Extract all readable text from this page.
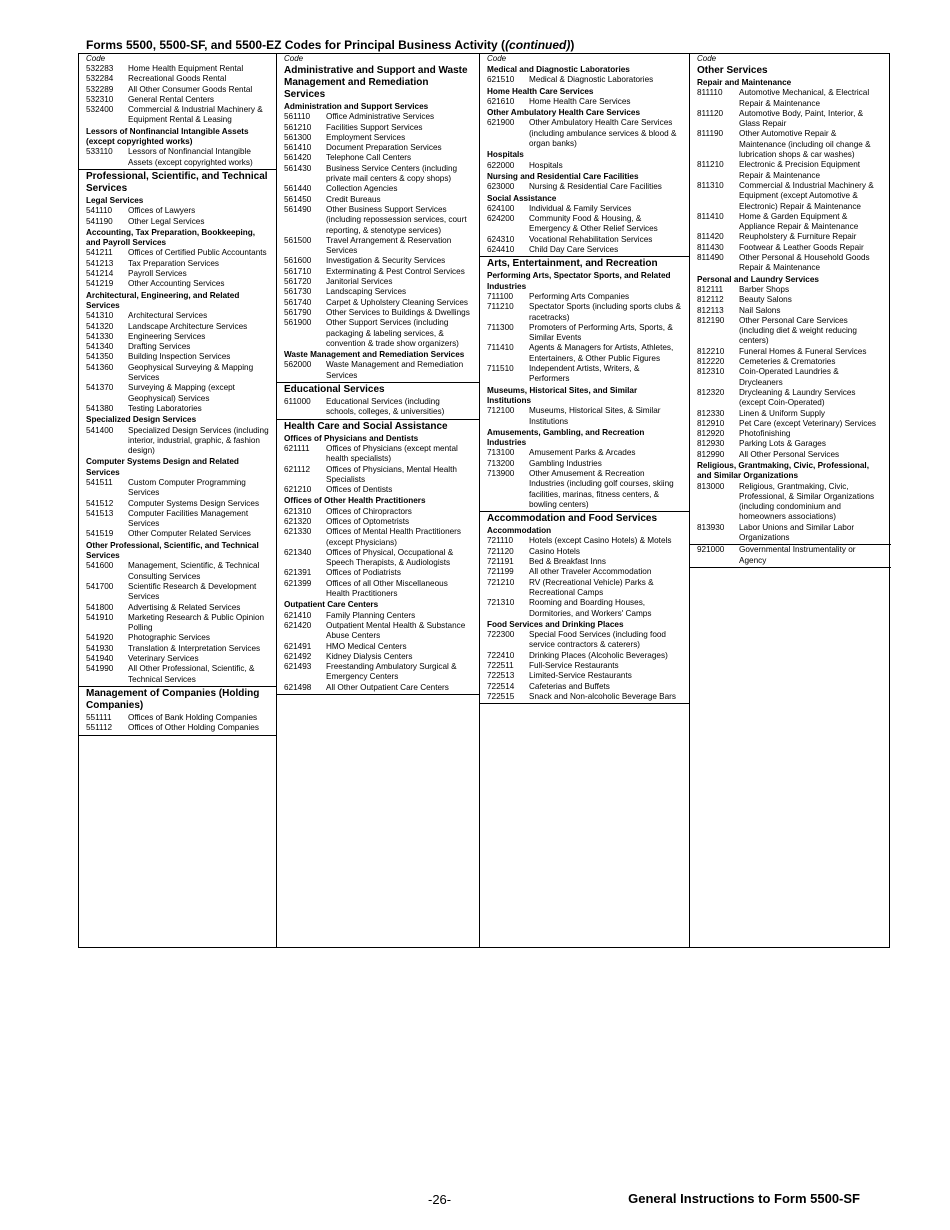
Forms 5500, 5500-SF, and 5500-EZ Codes for Principal Business Activity ((continued))
Code
532283	Home Health Equipment Rental
532284	Recreational Goods Rental
532289	All Other Consumer Goods Rental
532310	General Rental Centers
532400	Commercial & Industrial Machinery & Equipment Rental & Leasing
Lessors of Nonfinancial Intangible Assets (except copyrighted works)
533110	Lessors of Nonfinancial Intangible Assets (except copyrighted works)
Professional, Scientific, and Technical Services
Legal Services
541110	Offices of Lawyers
541190	Other Legal Services
Accounting, Tax Preparation, Bookkeeping, and Payroll Services
541211	Offices of Certified Public Accountants
541213	Tax Preparation Services
541214	Payroll Services
541219	Other Accounting Services
Architectural, Engineering, and Related Services
541310	Architectural Services
541320	Landscape Architecture Services
541330	Engineering Services
541340	Drafting Services
541350	Building Inspection Services
541360	Geophysical Surveying & Mapping Services
541370	Surveying & Mapping (except Geophysical) Services
541380	Testing Laboratories
Specialized Design Services
541400	Specialized Design Services (including interior, industrial, graphic, & fashion design)
Computer Systems Design and Related Services
541511	Custom Computer Programming Services
541512	Computer Systems Design Services
541513	Computer Facilities Management Services
541519	Other Computer Related Services
Other Professional, Scientific, and Technical Services
541600	Management, Scientific, & Technical Consulting Services
541700	Scientific Research & Development Services
541800	Advertising & Related Services
541910	Marketing Research & Public Opinion Polling
541920	Photographic Services
541930	Translation & Interpretation Services
541940	Veterinary Services
541990	All Other Professional, Scientific, & Technical Services
Management of Companies (Holding Companies)
551111	Offices of Bank Holding Companies
551112	Offices of Other Holding Companies
Code
Administrative and Support and Waste Management and Remediation Services
Administration and Support Services
561110	Office Administrative Services
561210	Facilities Support Services
561300	Employment Services
561410	Document Preparation Services
561420	Telephone Call Centers
561430	Business Service Centers (including private mail centers & copy shops)
561440	Collection Agencies
561450	Credit Bureaus
561490	Other Business Support Services (including repossession services, court reporting, & stenotype services)
561500	Travel Arrangement & Reservation Services
561600	Investigation & Security Services
561710	Exterminating & Pest Control Services
561720	Janitorial Services
561730	Landscaping Services
561740	Carpet & Upholstery Cleaning Services
561790	Other Services to Buildings & Dwellings
561900	Other Support Services (including packaging & labeling services, & convention & trade show organizers)
Waste Management and Remediation Services
562000	Waste Management and Remediation Services
Educational Services
611000	Educational Services (including schools, colleges, & universities)
Health Care and Social Assistance
Offices of Physicians and Dentists
621111	Offices of Physicians (except mental health specialists)
621112	Offices of Physicians, Mental Health Specialists
621210	Offices of Dentists
Offices of Other Health Practitioners
621310	Offices of Chiropractors
621320	Offices of Optometrists
621330	Offices of Mental Health Practitioners (except Physicians)
621340	Offices of Physical, Occupational & Speech Therapists, & Audiologists
621391	Offices of Podiatrists
621399	Offices of all Other Miscellaneous Health Practitioners
Outpatient Care Centers
621410	Family Planning Centers
621420	Outpatient Mental Health & Substance Abuse Centers
621491	HMO Medical Centers
621492	Kidney Dialysis Centers
621493	Freestanding Ambulatory Surgical & Emergency Centers
621498	All Other Outpatient Care Centers
Code
Medical and Diagnostic Laboratories
621510	Medical & Diagnostic Laboratories
Home Health Care Services
621610	Home Health Care Services
Other Ambulatory Health Care Services
621900	Other Ambulatory Health Care Services (including ambulance services & blood & organ banks)
Hospitals
622000	Hospitals
Nursing and Residential Care Facilities
623000	Nursing & Residential Care Facilities
Social Assistance
624100	Individual & Family Services
624200	Community Food & Housing, & Emergency & Other Relief Services
624310	Vocational Rehabilitation Services
624410	Child Day Care Services
Arts, Entertainment, and Recreation
Performing Arts, Spectator Sports, and Related Industries
711100	Performing Arts Companies
711210	Spectator Sports (including sports clubs & racetracks)
711300	Promoters of Performing Arts, Sports, & Similar Events
711410	Agents & Managers for Artists, Athletes, Entertainers, & Other Public Figures
711510	Independent Artists, Writers, & Performers
Museums, Historical Sites, and Similar Institutions
712100	Museums, Historical Sites, & Similar Institutions
Amusements, Gambling, and Recreation Industries
713100	Amusement Parks & Arcades
713200	Gambling Industries
713900	Other Amusement & Recreation Industries (including golf courses, skiing facilities, marinas, fitness centers, & bowling centers)
Accommodation and Food Services
Accommodation
721110	Hotels (except Casino Hotels) & Motels
721120	Casino Hotels
721191	Bed & Breakfast Inns
721199	All other Traveler Accommodation
721210	RV (Recreational Vehicle) Parks & Recreational Camps
721310	Rooming and Boarding Houses, Dormitories, and Workers' Camps
Food Services and Drinking Places
722300	Special Food Services (including food service contractors & caterers)
722410	Drinking Places (Alcoholic Beverages)
722511	Full-Service Restaurants
722513	Limited-Service Restaurants
722514	Cafeterias and Buffets
722515	Snack and Non-alcoholic Beverage Bars
Code
Other Services
Repair and Maintenance
811110	Automotive Mechanical, & Electrical Repair & Maintenance
811120	Automotive Body, Paint, Interior, & Glass Repair
811190	Other Automotive Repair & Maintenance (including oil change & lubrication shops & car washes)
811210	Electronic & Precision Equipment Repair & Maintenance
811310	Commercial & Industrial Machinery & Equipment (except Automotive & Electronic) Repair & Maintenance
811410	Home & Garden Equipment & Appliance Repair & Maintenance
811420	Reupholstery & Furniture Repair
811430	Footwear & Leather Goods Repair
811490	Other Personal & Household Goods Repair & Maintenance
Personal and Laundry Services
812111	Barber Shops
812112	Beauty Salons
812113	Nail Salons
812190	Other Personal Care Services (including diet & weight reducing centers)
812210	Funeral Homes & Funeral Services
812220	Cemeteries & Crematories
812310	Coin-Operated Laundries & Drycleaners
812320	Drycleaning & Laundry Services (except Coin-Operated)
812330	Linen & Uniform Supply
812910	Pet Care (except Veterinary) Services
812920	Photofinishing
812930	Parking Lots & Garages
812990	All Other Personal Services
Religious, Grantmaking, Civic, Professional, and Similar Organizations
813000	Religious, Grantmaking, Civic, Professional, & Similar Organizations (including condominium and homeowners associations)
813930	Labor Unions and Similar Labor Organizations
921000	Governmental Instrumentality or Agency
-26-	General Instructions to Form 5500-SF
